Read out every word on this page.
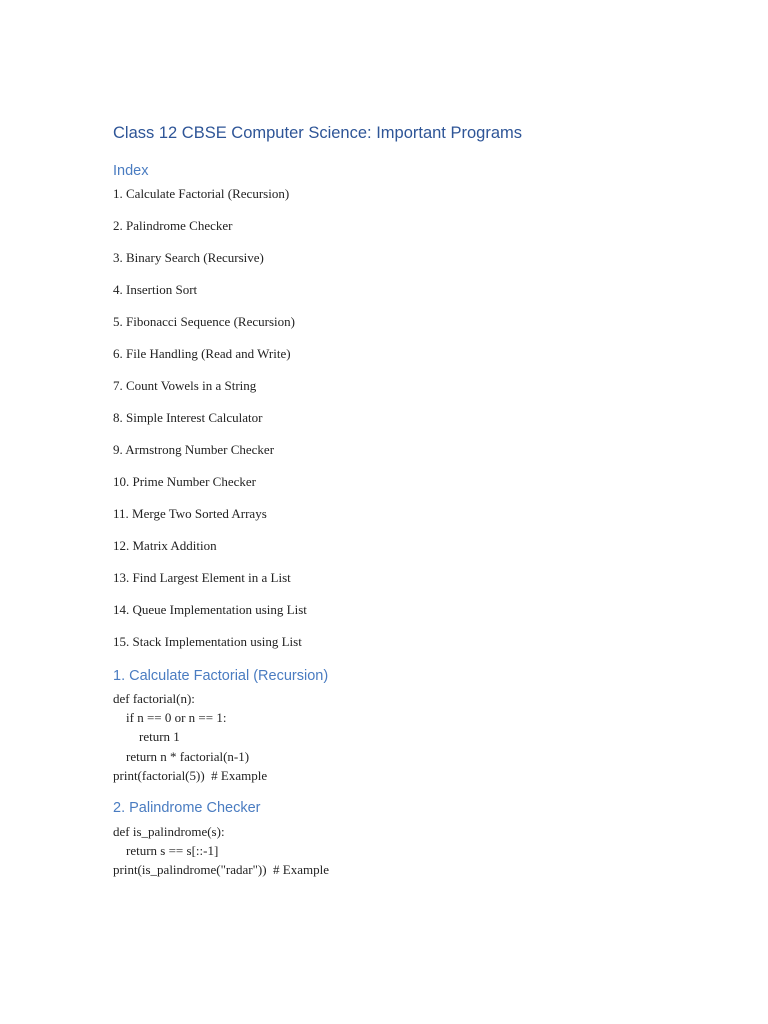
Class 12 CBSE Computer Science: Important Programs
Index
1. Calculate Factorial (Recursion)
2. Palindrome Checker
3. Binary Search (Recursive)
4. Insertion Sort
5. Fibonacci Sequence (Recursion)
6. File Handling (Read and Write)
7. Count Vowels in a String
8. Simple Interest Calculator
9. Armstrong Number Checker
10. Prime Number Checker
11. Merge Two Sorted Arrays
12. Matrix Addition
13. Find Largest Element in a List
14. Queue Implementation using List
15. Stack Implementation using List
1. Calculate Factorial (Recursion)
def factorial(n):
if n == 0 or n == 1:
return 1
return n * factorial(n-1)
print(factorial(5))  # Example
2. Palindrome Checker
def is_palindrome(s):
return s == s[::-1]
print(is_palindrome("radar"))  # Example
